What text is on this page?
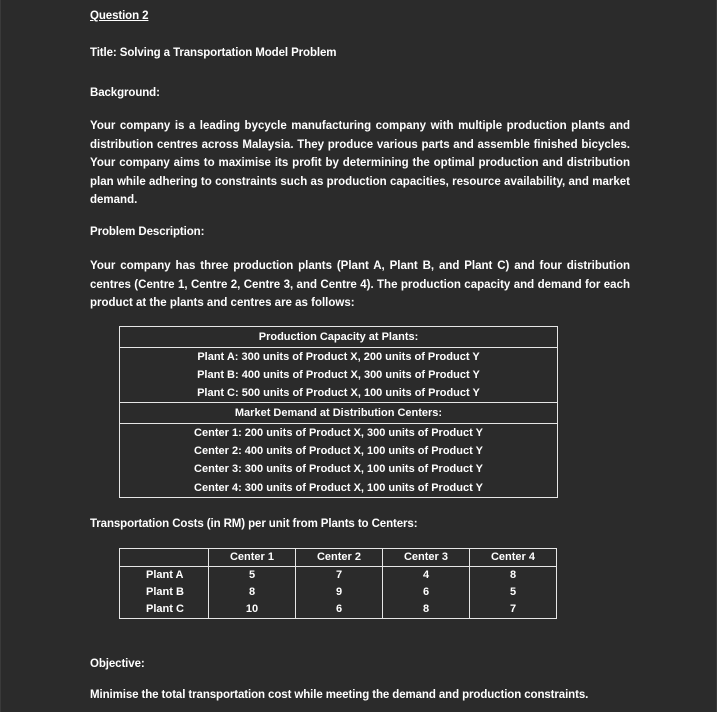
Question 2
Title: Solving a Transportation Model Problem
Background:
Your company is a leading bycycle manufacturing company with multiple production plants and distribution centres across Malaysia. They produce various parts and assemble finished bicycles. Your company aims to maximise its profit by determining the optimal production and distribution plan while adhering to constraints such as production capacities, resource availability, and market demand.
Problem Description:
Your company has three production plants (Plant A, Plant B, and Plant C) and four distribution centres (Centre 1, Centre 2, Centre 3, and Centre 4). The production capacity and demand for each product at the plants and centres are as follows:
Production Capacity at Plants:
Plant A: 300 units of Product X, 200 units of Product Y
Plant B: 400 units of Product X, 300 units of Product Y
Plant C: 500 units of Product X, 100 units of Product Y
Market Demand at Distribution Centers:
Center 1: 200 units of Product X, 300 units of Product Y
Center 2: 400 units of Product X, 100 units of Product Y
Center 3: 300 units of Product X, 100 units of Product Y
Center 4: 300 units of Product X, 100 units of Product Y
Transportation Costs (in RM) per unit from Plants to Centers:
	Center 1	Center 2	Center 3	Center 4
Plant A	5	7	4	8
Plant B	8	9	6	5
Plant C	10	6	8	7
Objective:
Minimise the total transportation cost while meeting the demand and production constraints.
